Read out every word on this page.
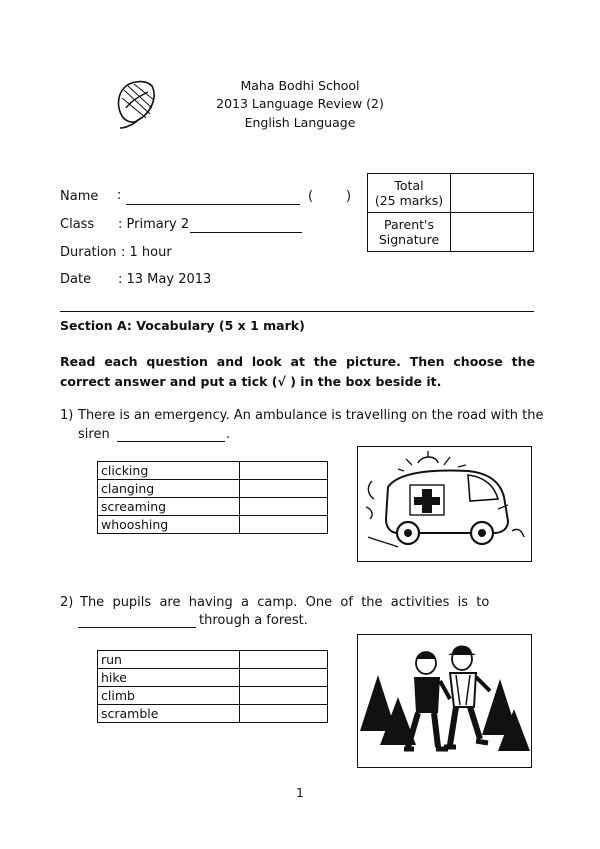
Maha Bodhi School
2013 Language Review (2)
English Language
Name :	(	)
Class : Primary 2
Duration : 1 hour
Date : 13 May 2013
Total
(25 marks)	

Parent's
Signature	

Section A: Vocabulary (5 x 1 mark)
Read each question and look at the picture. Then choose the correct answer and put a tick (√ ) in the box beside it.
1) There is an emergency. An ambulance is travelling on the road with the
siren	.
clicking	
clanging	
screaming	
whooshing	
2) The  pupils  are  having  a  camp.  One  of  the  activities  is  to
through a forest.
run	
hike	
climb	
scramble	
1
